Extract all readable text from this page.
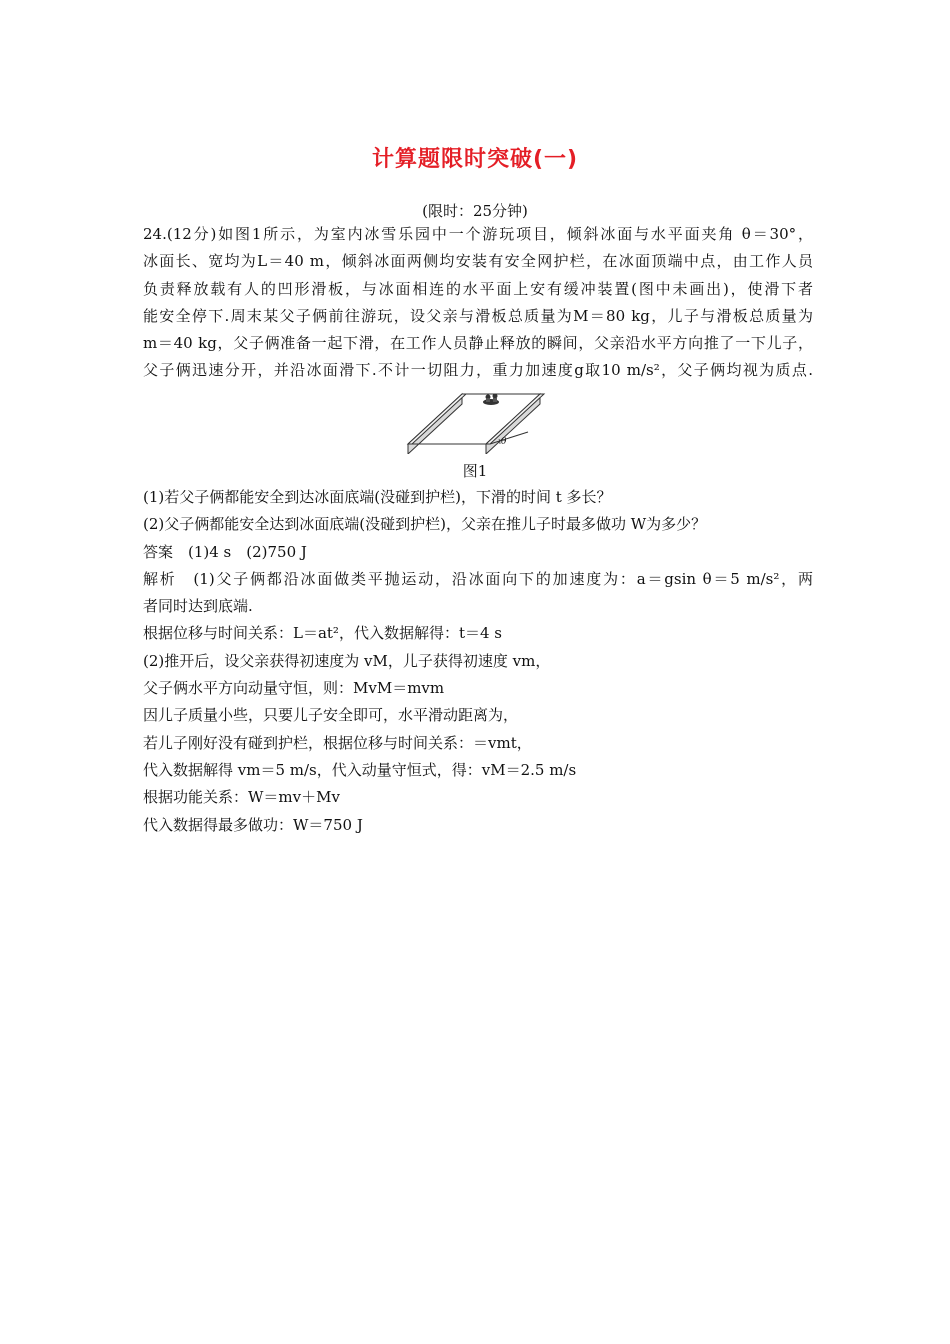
计算题限时突破(一)
(限时：25分钟)
24.(12分)如图1所示，为室内冰雪乐园中一个游玩项目，倾斜冰面与水平面夹角 θ＝30°，
冰面长、宽均为L＝40 m，倾斜冰面两侧均安装有安全网护栏，在冰面顶端中点，由工作人员
负责释放载有人的凹形滑板，与冰面相连的水平面上安有缓冲装置(图中未画出)，使滑下者
能安全停下.周末某父子俩前往游玩，设父亲与滑板总质量为M＝80 kg，儿子与滑板总质量为
m＝40 kg，父子俩准备一起下滑，在工作人员静止释放的瞬间，父亲沿水平方向推了一下儿子，
父子俩迅速分开，并沿冰面滑下.不计一切阻力，重力加速度g取10 m/s²，父子俩均视为质点.
θ
图1
(1)若父子俩都能安全到达冰面底端(没碰到护栏)，下滑的时间 t 多长？
(2)父子俩都能安全达到冰面底端(没碰到护栏)，父亲在推儿子时最多做功 W为多少？
答案　(1)4 s　(2)750 J
解析　(1)父子俩都沿冰面做类平抛运动，沿冰面向下的加速度为：a＝gsin θ＝5 m/s²，两
者同时达到底端.
根据位移与时间关系：L＝at²，代入数据解得：t＝4 s
(2)推开后，设父亲获得初速度为 vM，儿子获得初速度 vm，
父子俩水平方向动量守恒，则：MvM＝mvm
因儿子质量小些，只要儿子安全即可，水平滑动距离为，
若儿子刚好没有碰到护栏，根据位移与时间关系：＝vmt，
代入数据解得 vm＝5 m/s，代入动量守恒式，得：vM＝2.5 m/s
根据功能关系：W＝mv＋Mv
代入数据得最多做功：W＝750 J
